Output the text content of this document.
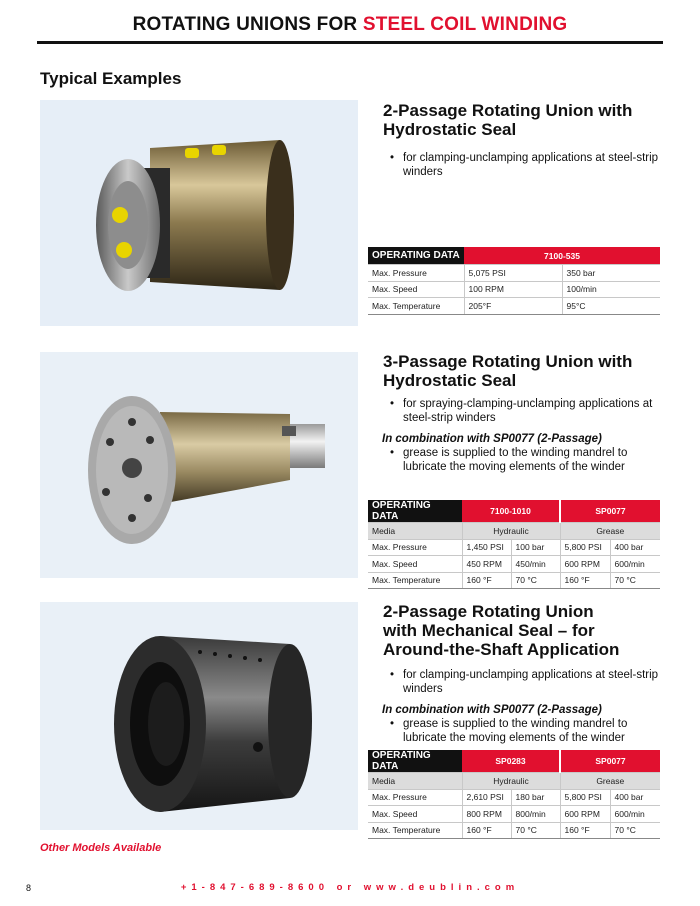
ROTATING UNIONS FOR STEEL COIL WINDING
Typical Examples
2-Passage Rotating Union with
Hydrostatic Seal
• for clamping-unclamping applications at steel-strip winders
OPERATING DATA	7100-535	
Max. Pressure	5,075 PSI	350 bar
Max. Speed	100 RPM	100/min
Max. Temperature	205°F	95°C
3-Passage Rotating Union with
Hydrostatic Seal
• for spraying-clamping-unclamping applications at steel-strip winders
In combination with SP0077 (2-Passage)
• grease is supplied to the winding mandrel to lubricate the moving elements of the winder
OPERATING DATA	7100-1010		SP0077	
Media	Hydraulic		Grease	
Max. Pressure	1,450 PSI	100 bar	5,800 PSI	400 bar
Max. Speed	450 RPM	450/min	600 RPM	600/min
Max. Temperature	160 °F	70 °C	160 °F	70 °C
2-Passage Rotating Union
with Mechanical Seal – for
Around-the-Shaft Application
• for clamping-unclamping applications at steel-strip winders
In combination with SP0077 (2-Passage)
• grease is supplied to the winding mandrel to lubricate the moving elements of the winder
OPERATING DATA	SP0283		SP0077	
Media	Hydraulic		Grease	
Max. Pressure	2,610 PSI	180 bar	5,800 PSI	400 bar
Max. Speed	800 RPM	800/min	600 RPM	600/min
Max. Temperature	160 °F	70 °C	160 °F	70 °C
Other Models Available
8	+1-847-689-8600 or www.deublin.com
